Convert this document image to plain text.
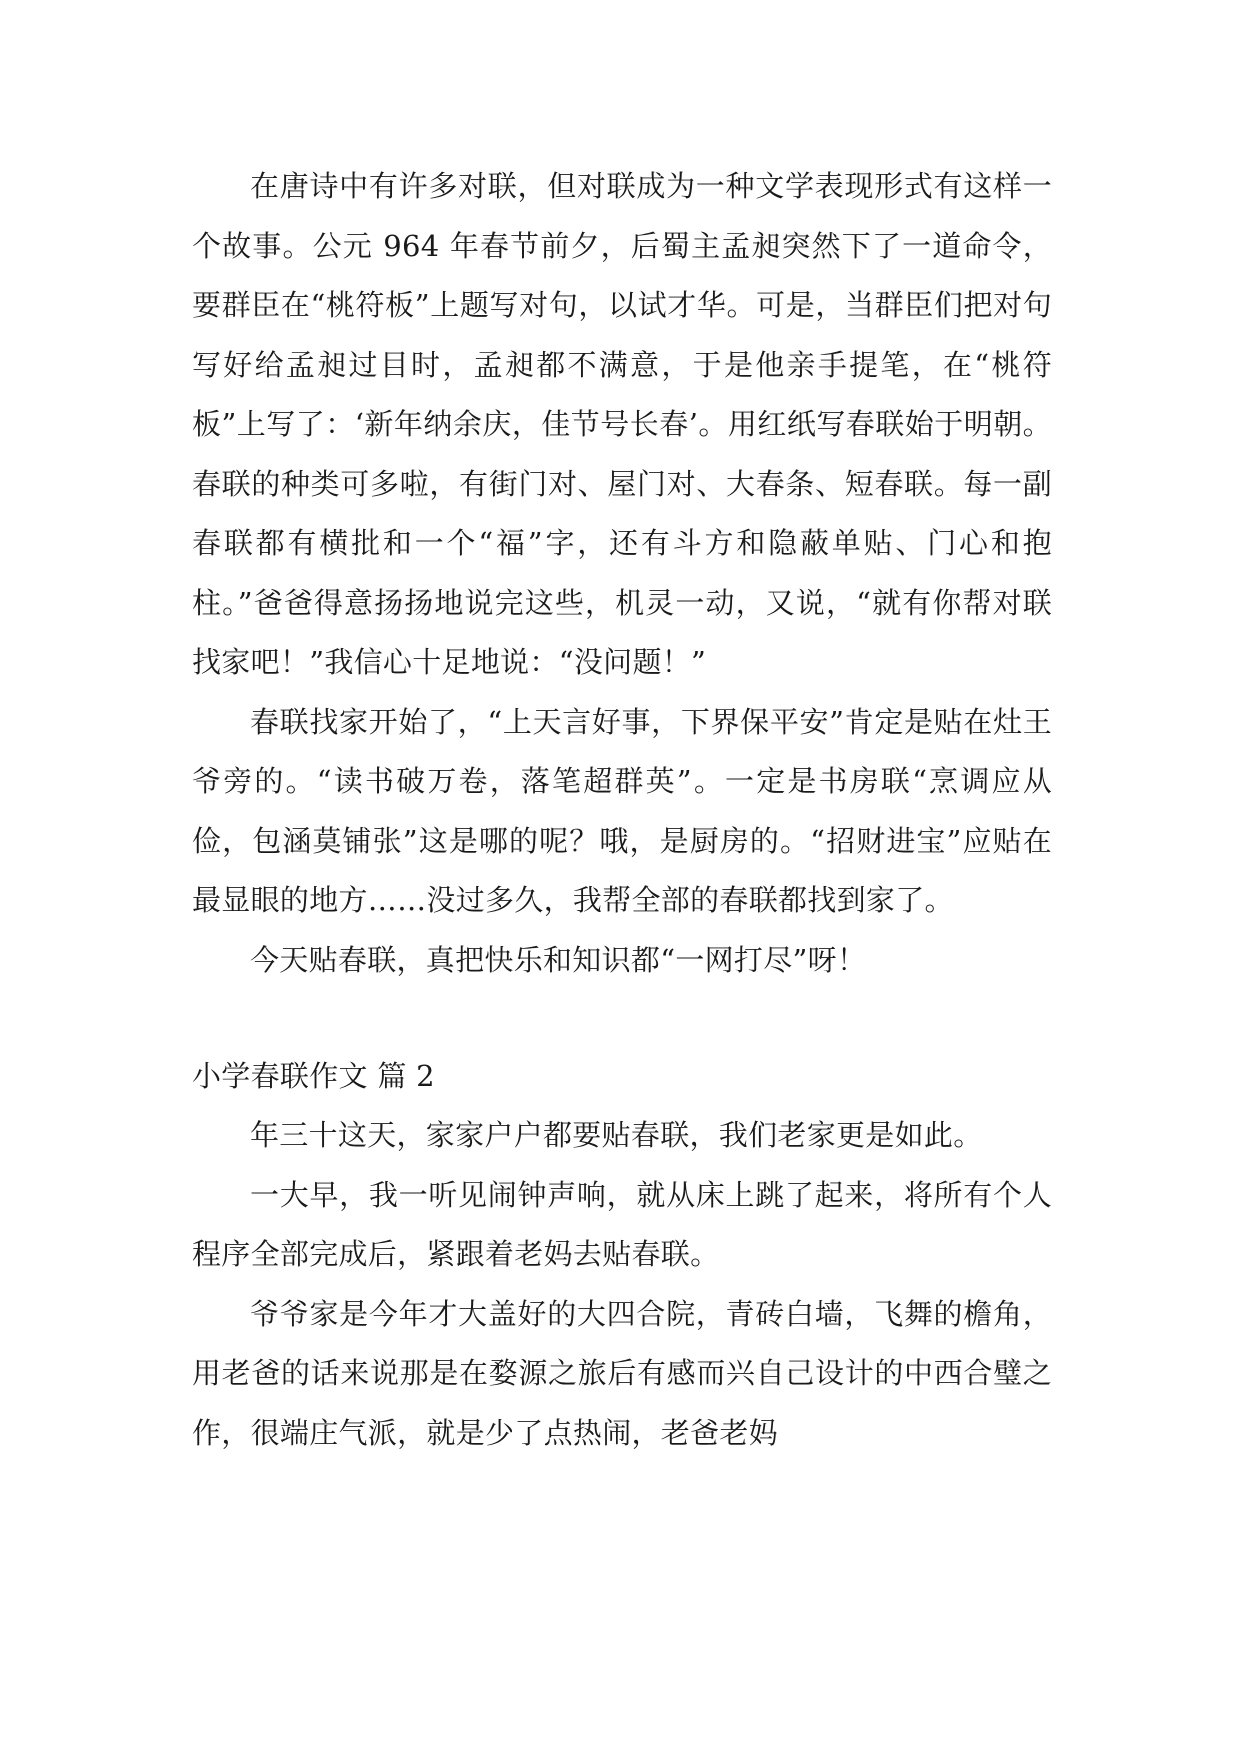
在唐诗中有许多对联，但对联成为一种文学表现形式有这样一个故事。公元 964 年春节前夕，后蜀主孟昶突然下了一道命令，要群臣在“桃符板”上题写对句，以试才华。可是，当群臣们把对句写好给孟昶过目时，孟昶都不满意，于是他亲手提笔，在“桃符板”上写了：‘新年纳余庆，佳节号长春’。用红纸写春联始于明朝。春联的种类可多啦，有街门对、屋门对、大春条、短春联。每一副春联都有横批和一个“福”字，还有斗方和隐蔽单贴、门心和抱柱。”爸爸得意扬扬地说完这些，机灵一动，又说，“就有你帮对联找家吧！”我信心十足地说：“没问题！”

春联找家开始了，“上天言好事，下界保平安”肯定是贴在灶王爷旁的。“读书破万卷，落笔超群英”。一定是书房联“烹调应从俭，包涵莫铺张”这是哪的呢？哦，是厨房的。“招财进宝”应贴在最显眼的地方……没过多久，我帮全部的春联都找到家了。

今天贴春联，真把快乐和知识都“一网打尽”呀！

小学春联作文 篇 2

年三十这天，家家户户都要贴春联，我们老家更是如此。

一大早，我一听见闹钟声响，就从床上跳了起来，将所有个人程序全部完成后，紧跟着老妈去贴春联。

爷爷家是今年才大盖好的大四合院，青砖白墙，飞舞的檐角，用老爸的话来说那是在婺源之旅后有感而兴自己设计的中西合璧之作，很端庄气派，就是少了点热闹，老爸老妈
